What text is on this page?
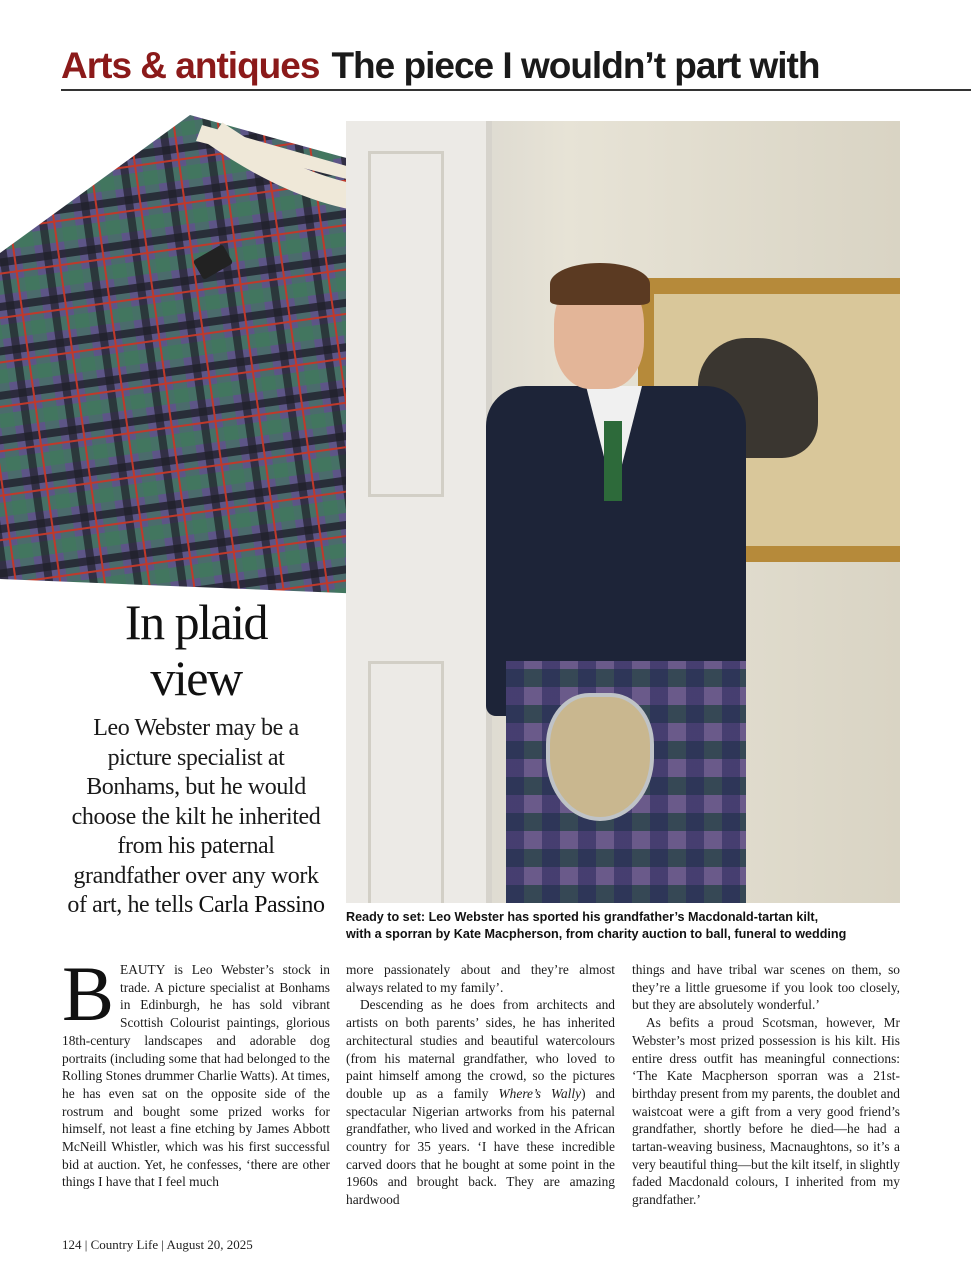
Arts & antiques The piece I wouldn’t part with
In plaid
view

Leo Webster may be a picture specialist at Bonhams, but he would choose the kilt he inherited from his paternal grandfather over any work of art, he tells Carla Passino	Ready to set: Leo Webster has sported his grandfather’s Macdonald-tartan kilt,
with a sporran by Kate Macpherson, from charity auction to ball, funeral to wedding

BEAUTY is Leo Webster’s stock in trade. A picture specialist at Bonhams in Edinburgh, he has sold vibrant Scottish Colourist paintings, glorious 18th-century landscapes and adorable dog portraits (including some that had belonged to the Rolling Stones drummer Charlie Watts). At times, he has even sat on the opposite side of the rostrum and bought some prized works for himself, not least a fine etching by James Abbott McNeill Whistler, which was his first successful bid at auction. Yet, he confesses, ‘there are other things I have that I feel much

more passionately about and they’re almost always related to my family’.

Descending as he does from architects and artists on both parents’ sides, he has inherited architectural studies and beautiful watercolours (from his maternal grandfather, who loved to paint himself among the crowd, so the pictures double up as a family Where’s Wally) and spectacular Nigerian artworks from his paternal grandfather, who lived and worked in the African country for 35 years. ‘I have these incredible carved doors that he bought at some point in the 1960s and brought back. They are amazing hardwood

things and have tribal war scenes on them, so they’re a little gruesome if you look too closely, but they are absolutely wonderful.’

As befits a proud Scotsman, however, Mr Webster’s most prized possession is his kilt. His entire dress outfit has meaningful connections: ‘The Kate Macpherson sporran was a 21st-birthday present from my parents, the doublet and waistcoat were a gift from a very good friend’s grandfather, shortly before he died—he had a tartan-weaving business, Macnaughtons, so it’s a very beautiful thing—but the kilt itself, in slightly faded Macdonald colours, I inherited from my grandfather.’

124 | Country Life | August 20, 2025
